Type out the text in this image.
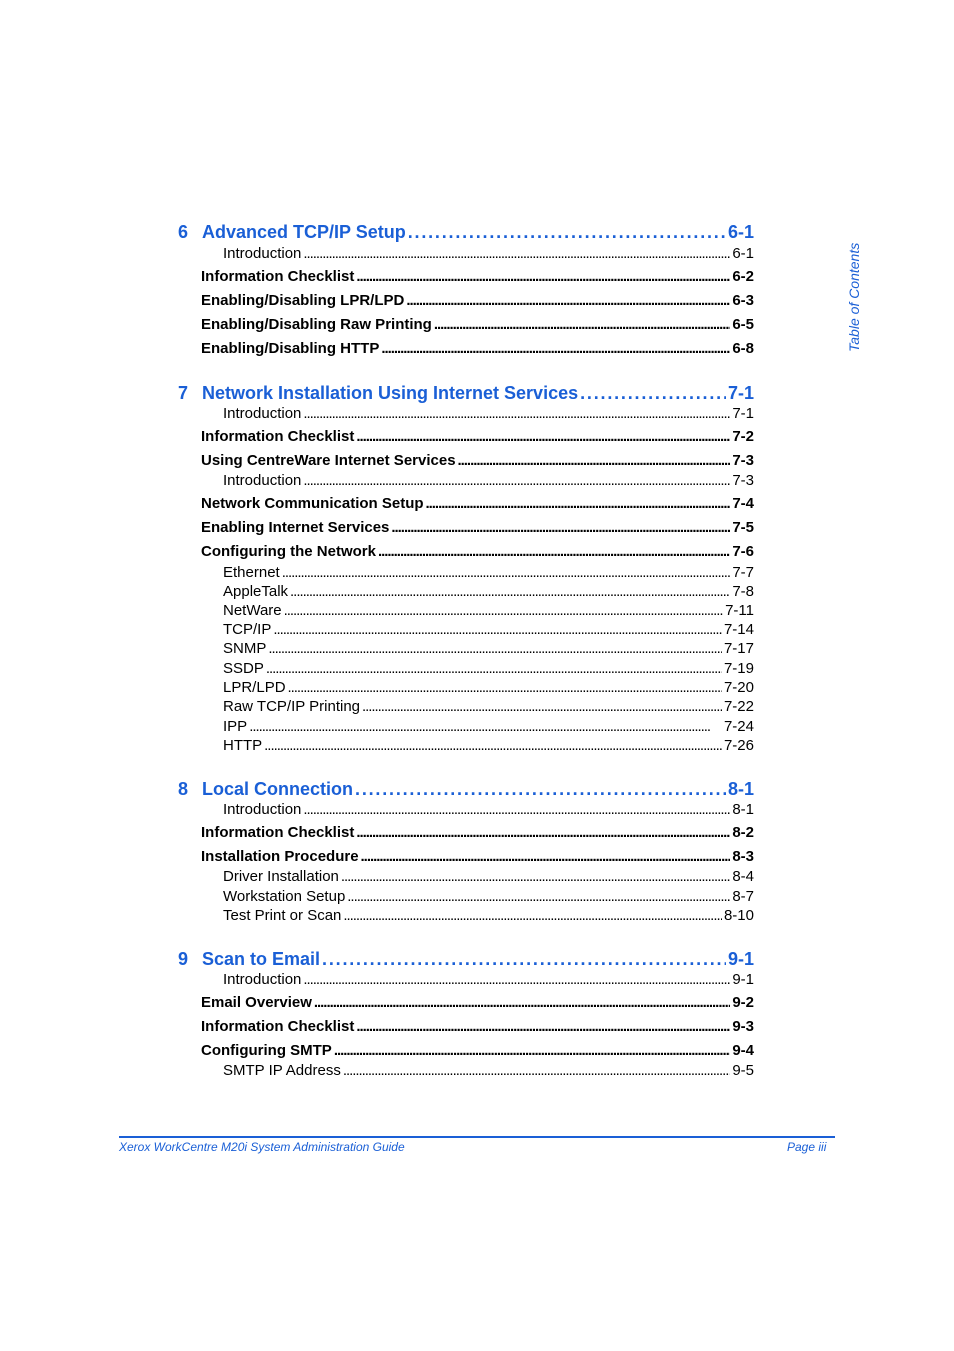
6 Advanced TCP/IP Setup . . .	6-1
Introduction . . .	6-1
Information Checklist . . .	6-2
Enabling/Disabling LPR/LPD . . .	6-3
Enabling/Disabling Raw Printing . . .	6-5
Enabling/Disabling HTTP . . .	6-8
7 Network Installation Using Internet Services . . .	7-1
Introduction . . .	7-1
Information Checklist . . .	7-2
Using CentreWare Internet Services . . .	7-3
Introduction . . .	7-3
Network Communication Setup . . .	7-4
Enabling Internet Services . . .	7-5
Configuring the Network . . .	7-6
Ethernet . . .	7-7
AppleTalk . . .	7-8
NetWare . . .	7-11
TCP/IP . . .	7-14
SNMP . . .	7-17
SSDP . . .	7-19
LPR/LPD . . .	7-20
Raw TCP/IP Printing . . .	7-22
IPP . . .	7-24
HTTP . . .	7-26
8 Local Connection . . .	8-1
Introduction . . .	8-1
Information Checklist . . .	8-2
Installation Procedure . . .	8-3
Driver Installation . . .	8-4
Workstation Setup . . .	8-7
Test Print or Scan . . .	8-10
9 Scan to Email . . .	9-1
Introduction . . .	9-1
Email Overview . . .	9-2
Information Checklist . . .	9-3
Configuring SMTP . . .	9-4
SMTP IP Address . . .	9-5
Table of Contents
Xerox WorkCentre M20i System Administration Guide	Page iii
